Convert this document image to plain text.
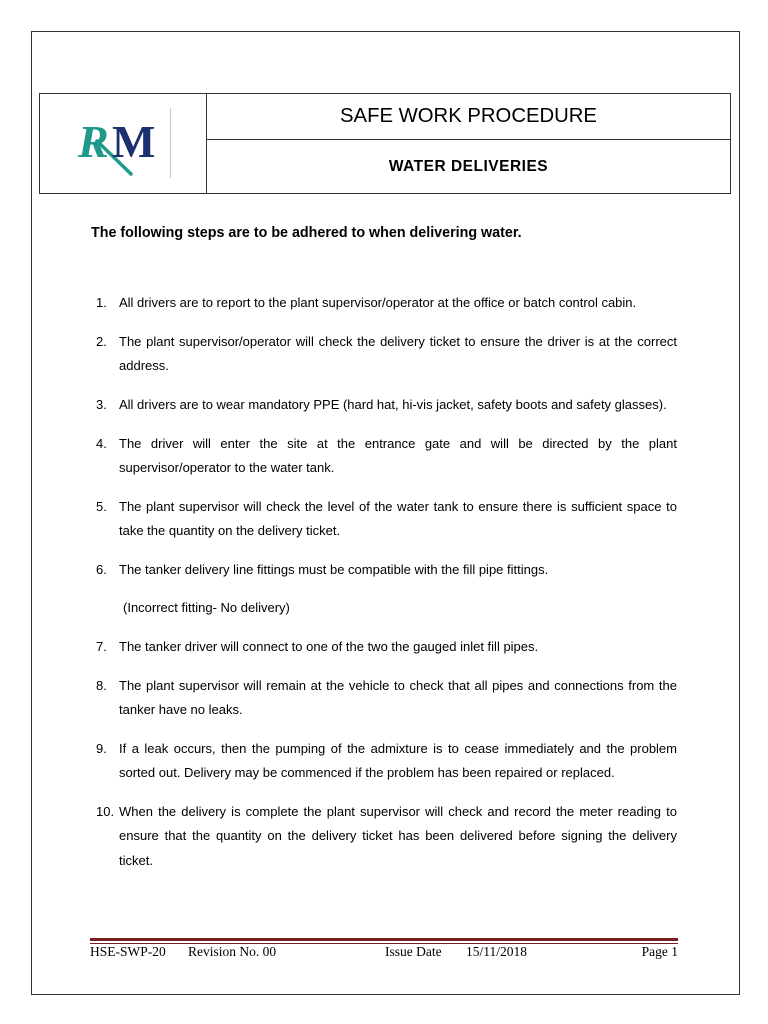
R M	SAFE WORK PROCEDURE
WATER DELIVERIES
The following steps are to be adhered to when delivering water.
1. All drivers are to report to the plant supervisor/operator at the office or batch control cabin.
2. The plant supervisor/operator will check the delivery ticket to ensure the driver is at the correct address.
3. All drivers are to wear mandatory PPE (hard hat, hi-vis jacket, safety boots and safety glasses).
4. The driver will enter the site at the entrance gate and will be directed by the plant supervisor/operator to the water tank.
5. The plant supervisor will check the level of the water tank to ensure there is sufficient space to take the quantity on the delivery ticket.
6. The tanker delivery line fittings must be compatible with the fill pipe fittings.
(Incorrect fitting- No delivery)
7. The tanker driver will connect to one of the two the gauged inlet fill pipes.
8. The plant supervisor will remain at the vehicle to check that all pipes and connections from the tanker have no leaks.
9. If a leak occurs, then the pumping of the admixture is to cease immediately and the problem sorted out. Delivery may be commenced if the problem has been repaired or replaced.
10. When the delivery is complete the plant supervisor will check and record the meter reading to ensure that the quantity on the delivery ticket has been delivered before signing the delivery ticket.
HSE-SWP-20 Revision No. 00	Issue Date 15/11/2018	Page 1
